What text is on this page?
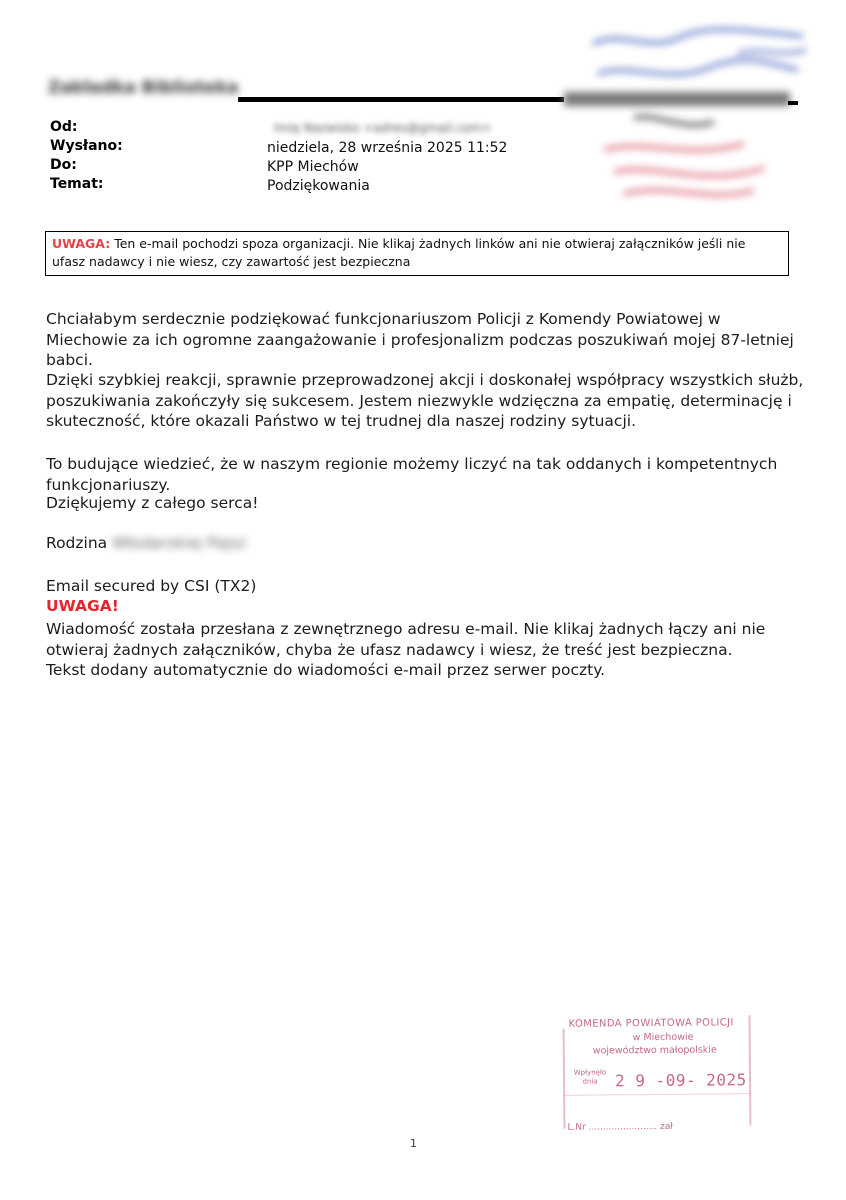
Zakładka Biblioteka
Od:	Imię Nazwisko <adres@gmail.com>
Wysłano:	niedziela, 28 września 2025 11:52
Do:	KPP Miechów
Temat:	Podziękowania
UWAGA: Ten e-mail pochodzi spoza organizacji. Nie klikaj żadnych linków ani nie otwieraj załączników jeśli nie ufasz nadawcy i nie wiesz, czy zawartość jest bezpieczna
Chciałabym serdecznie podziękować funkcjonariuszom Policji z Komendy Powiatowej w Miechowie za ich ogromne zaangażowanie i profesjonalizm podczas poszukiwań mojej 87-letniej babci.
Dzięki szybkiej reakcji, sprawnie przeprowadzonej akcji i doskonałej współpracy wszystkich służb, poszukiwania zakończyły się sukcesem. Jestem niezwykle wdzięczna za empatię, determinację i skuteczność, które okazali Państwo w tej trudnej dla naszej rodziny sytuacji.
To budujące wiedzieć, że w naszym regionie możemy liczyć na tak oddanych i kompetentnych funkcjonariuszy.
Dziękujemy z całego serca!
Rodzina Włodarskiej Pajsz
Email secured by CSI (TX2)
UWAGA!
Wiadomość została przesłana z zewnętrznego adresu e-mail. Nie klikaj żadnych łączy ani nie otwieraj żadnych załączników, chyba że ufasz nadawcy i wiesz, że treść jest bezpieczna.
Tekst dodany automatycznie do wiadomości e-mail przez serwer poczty.
KOMENDA POWIATOWA POLICJI
w Miechowie
województwo małopolskie
Wpłynęło dnia	2 9 -09- 2025
L.Nr ........................ zał
1
